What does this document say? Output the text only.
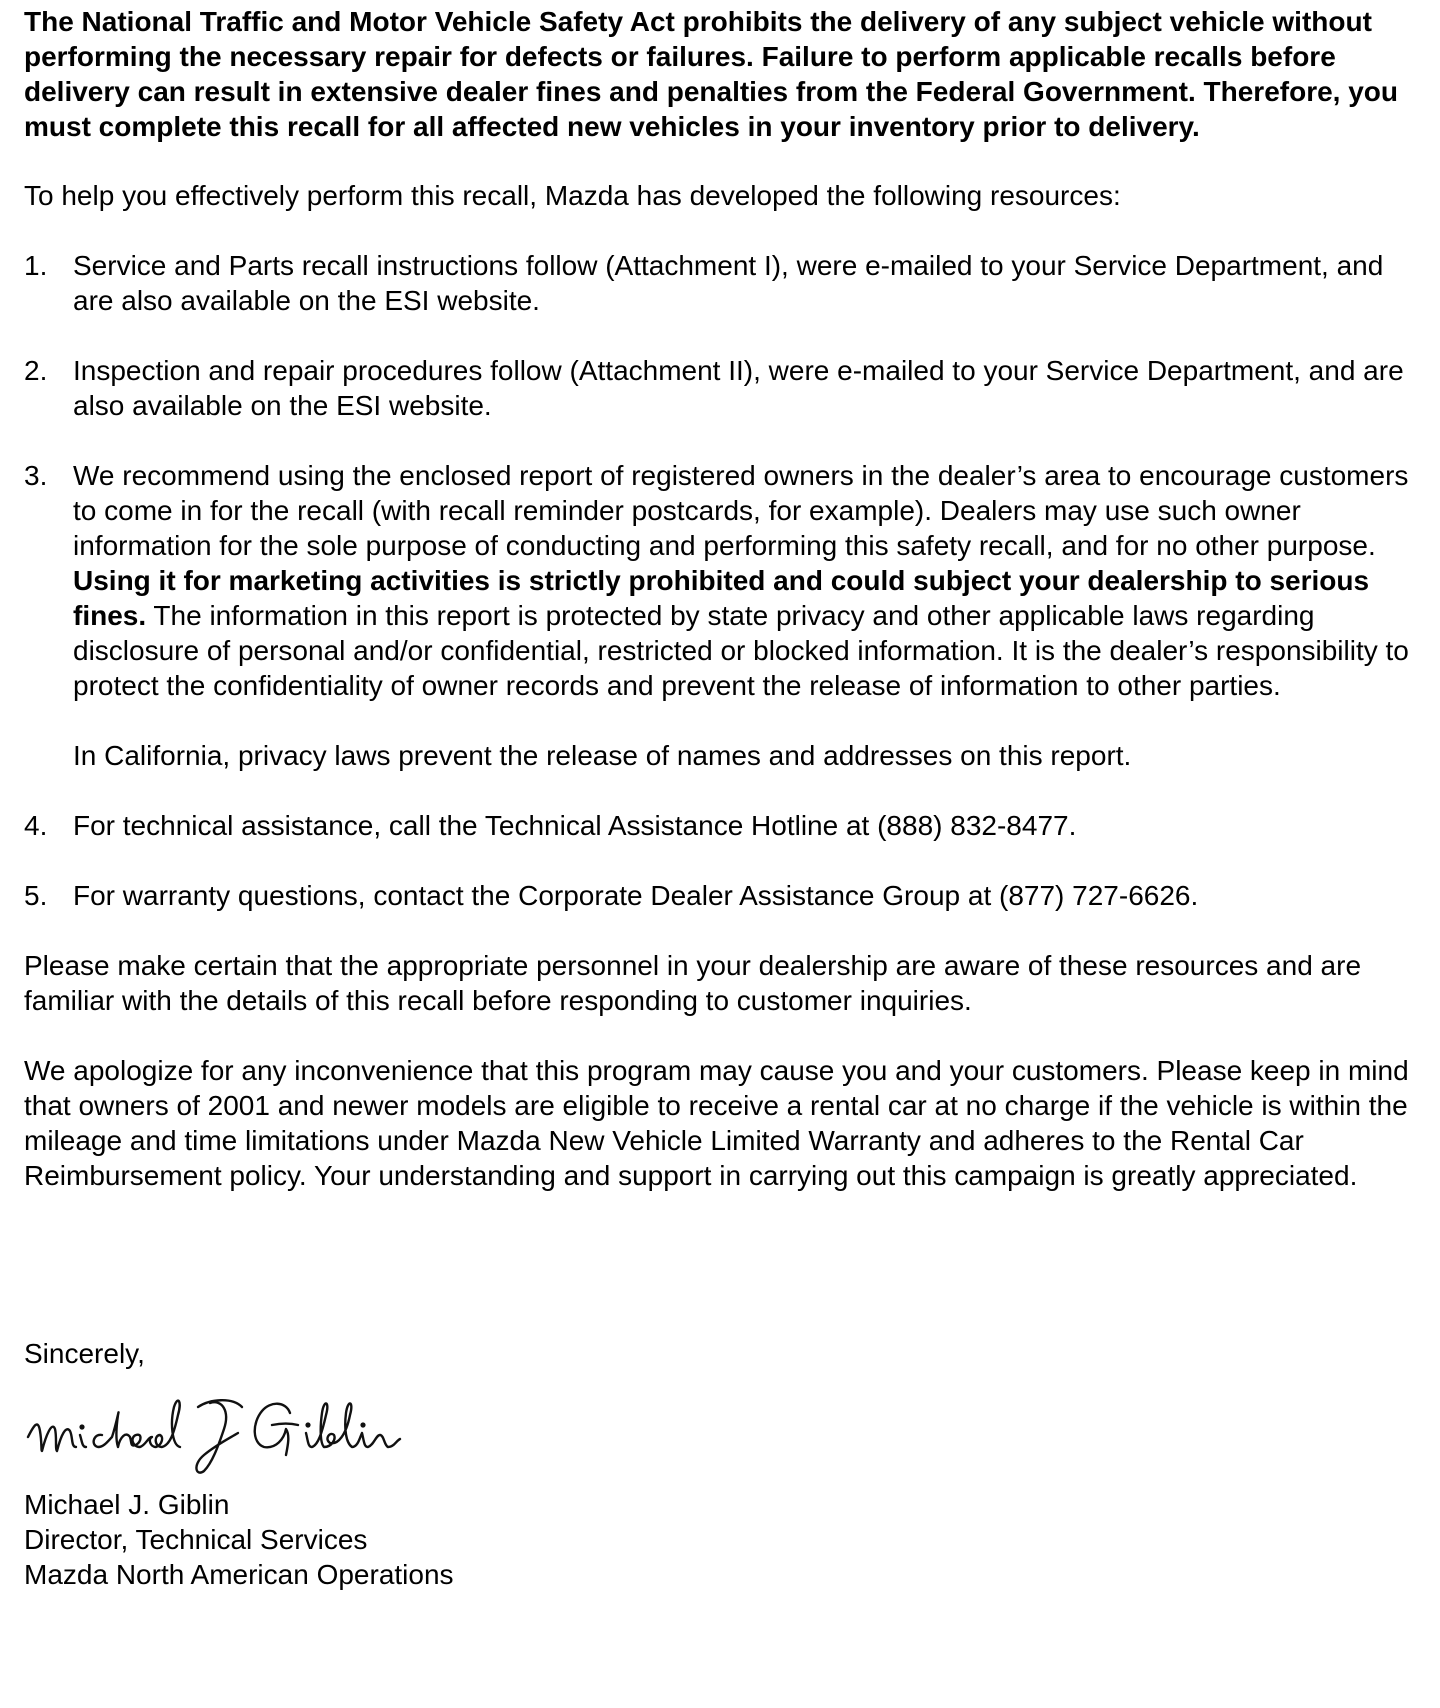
The National Traffic and Motor Vehicle Safety Act prohibits the delivery of any subject vehicle without performing the necessary repair for defects or failures. Failure to perform applicable recalls before delivery can result in extensive dealer fines and penalties from the Federal Government. Therefore, you must complete this recall for all affected new vehicles in your inventory prior to delivery.

To help you effectively perform this recall, Mazda has developed the following resources:

1. Service and Parts recall instructions follow (Attachment I), were e-mailed to your Service Department, and are also available on the ESI website.

2. Inspection and repair procedures follow (Attachment II), were e-mailed to your Service Department, and are also available on the ESI website.

3. We recommend using the enclosed report of registered owners in the dealer’s area to encourage customers to come in for the recall (with recall reminder postcards, for example). Dealers may use such owner information for the sole purpose of conducting and performing this safety recall, and for no other purpose. Using it for marketing activities is strictly prohibited and could subject your dealership to serious fines. The information in this report is protected by state privacy and other applicable laws regarding disclosure of personal and/or confidential, restricted or blocked information. It is the dealer’s responsibility to protect the confidentiality of owner records and prevent the release of information to other parties.

In California, privacy laws prevent the release of names and addresses on this report.

4. For technical assistance, call the Technical Assistance Hotline at (888) 832-8477.

5. For warranty questions, contact the Corporate Dealer Assistance Group at (877) 727-6626.

Please make certain that the appropriate personnel in your dealership are aware of these resources and are familiar with the details of this recall before responding to customer inquiries.

We apologize for any inconvenience that this program may cause you and your customers. Please keep in mind that owners of 2001 and newer models are eligible to receive a rental car at no charge if the vehicle is within the mileage and time limitations under Mazda New Vehicle Limited Warranty and adheres to the Rental Car Reimbursement policy. Your understanding and support in carrying out this campaign is greatly appreciated.

Sincerely,

Michael J. Giblin

Director, Technical Services

Mazda North American Operations
